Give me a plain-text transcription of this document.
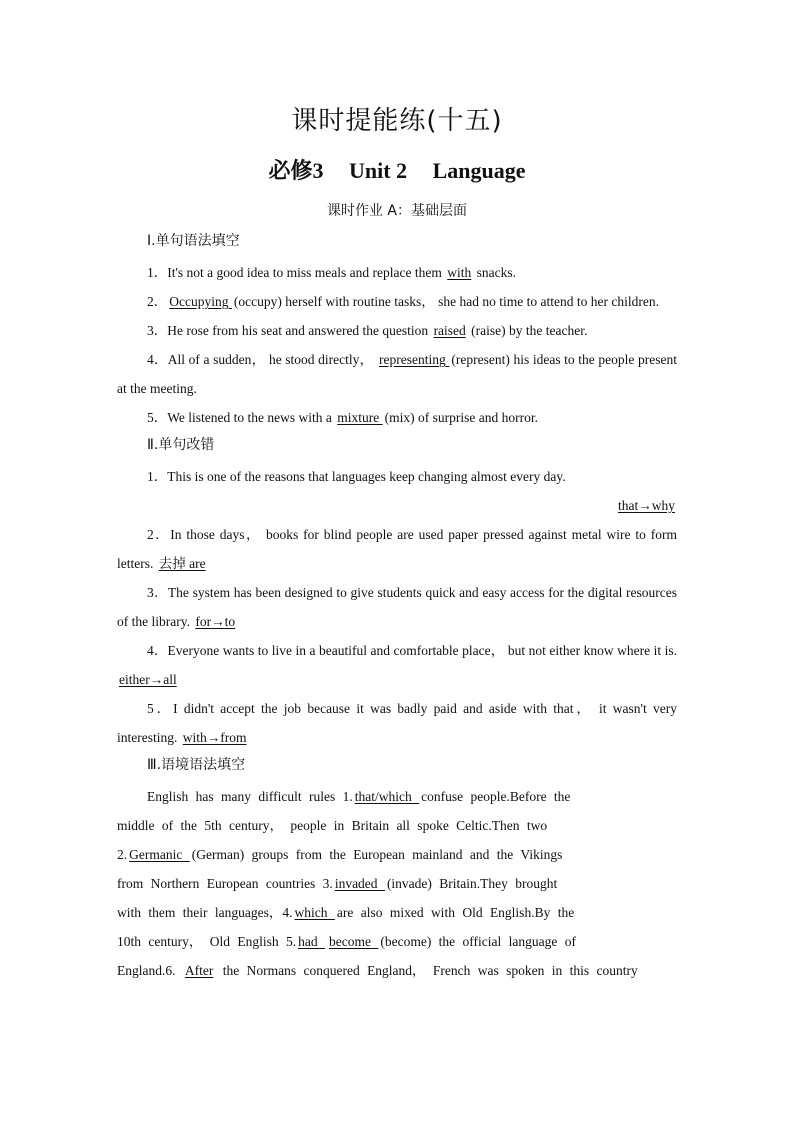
课时提能练(十五)
必修3 Unit 2 Language
课时作业 A：基础层面
Ⅰ.单句语法填空

1．It's not a good idea to miss meals and replace them with snacks.

2． Occupying (occupy) herself with routine tasks， she had no time to attend to her children.

3．He rose from his seat and answered the question raised (raise) by the teacher.

4．All of a sudden， he stood directly， representing (represent) his ideas to the people present at the meeting.

5．We listened to the news with a mixture (mix) of surprise and horror.

Ⅱ.单句改错

1．This is one of the reasons that languages keep changing almost every day.

that→why

2．In those days， books for blind people are used paper pressed against metal wire to form letters. 去掉 are

3．The system has been designed to give students quick and easy access for the digital resources of the library. for→to

4．Everyone wants to live in a beautiful and comfortable place， but not either know where it is. either→all

5．I didn't accept the job because it was badly paid and aside with that， it wasn't very interesting. with→from

Ⅲ.语境语法填空

English has many difficult rules 1. that/which confuse people.Before the

middle of the 5th century， people in Britain all spoke Celtic.Then two

2. Germanic (German) groups from the European mainland and the Vikings

from Northern European countries 3. invaded (invade) Britain.They brought

with them their languages，4. which are also mixed with Old English.By the

10th century， Old English 5. had become (become) the official language of

England.6. After the Normans conquered England， French was spoken in this country
